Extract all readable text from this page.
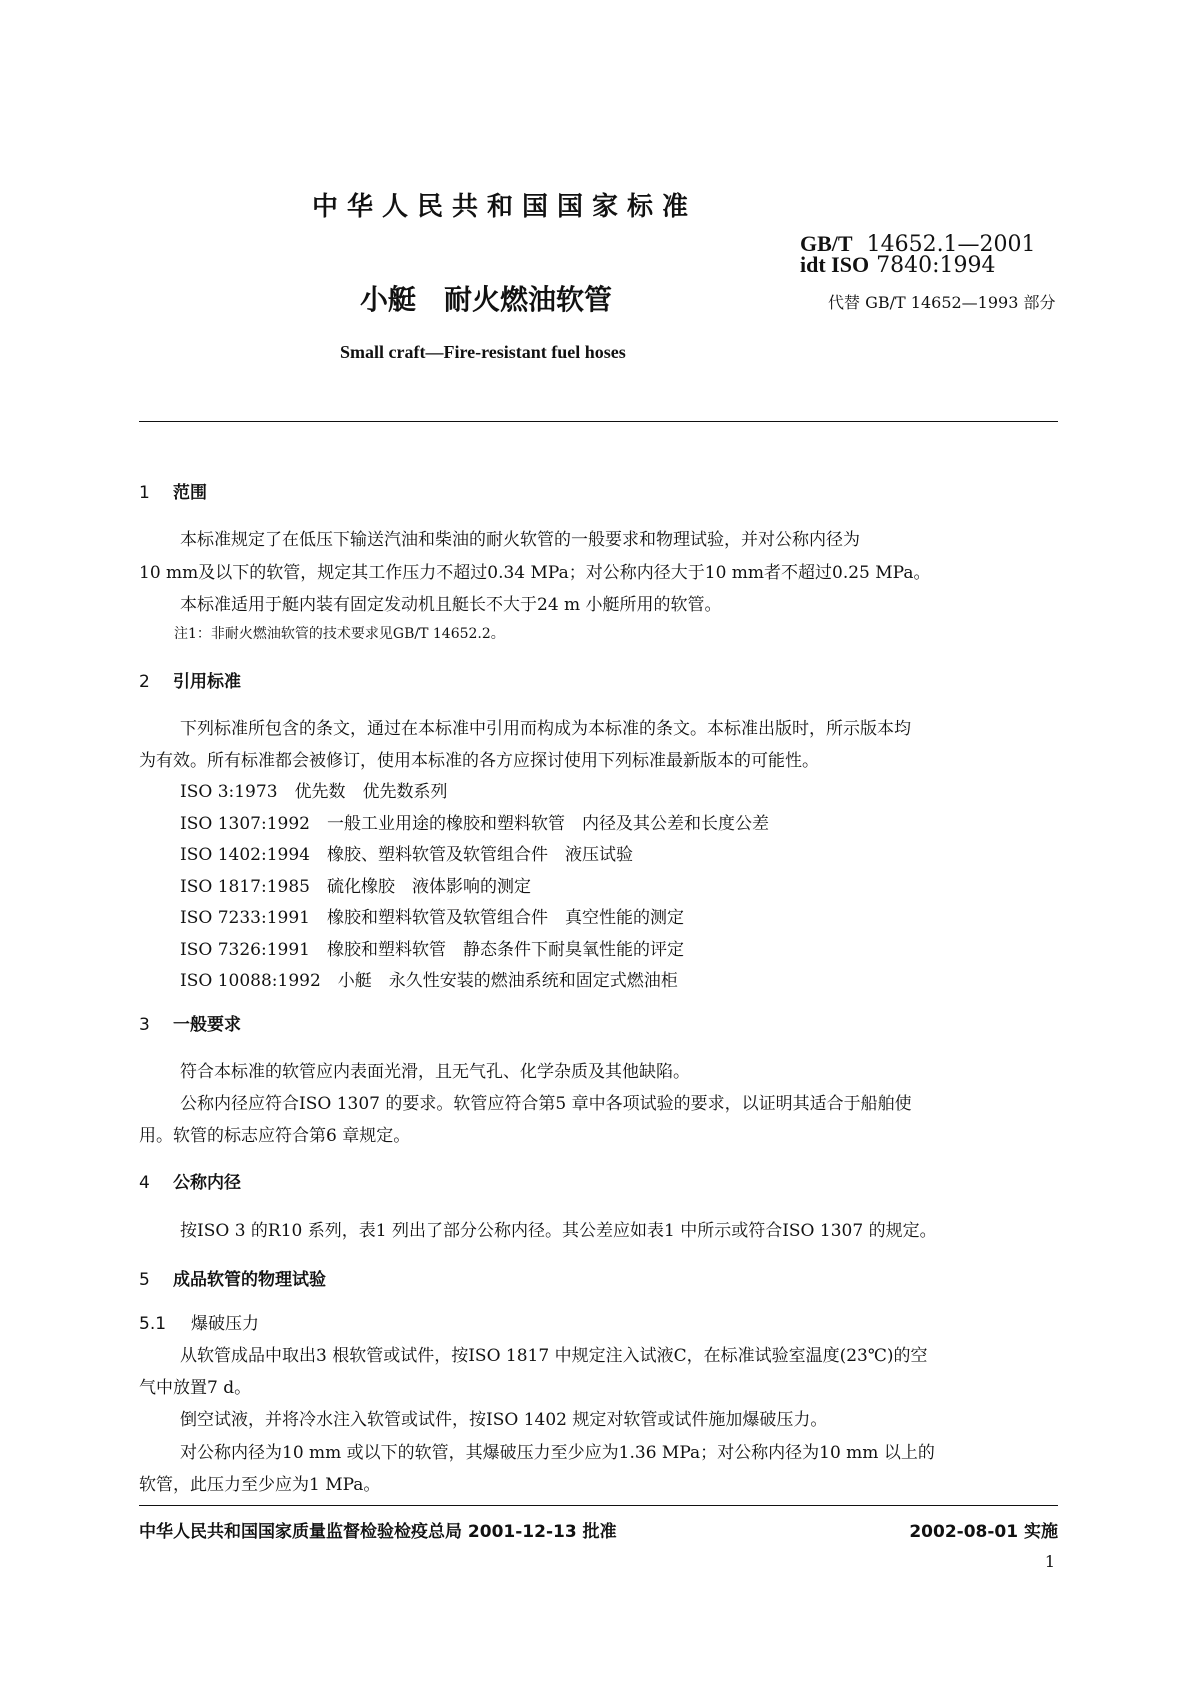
中华人民共和国国家标准
GB/T 14652.1—2001
idt ISO 7840:1994
代替 GB/T 14652—1993 部分
小艇　耐火燃油软管
Small craft—Fire-resistant fuel hoses
1 范围
本标准规定了在低压下输送汽油和柴油的耐火软管的一般要求和物理试验，并对公称内径为
10 mm及以下的软管，规定其工作压力不超过0.34 MPa；对公称内径大于10 mm者不超过0.25 MPa。
本标准适用于艇内装有固定发动机且艇长不大于24 m 小艇所用的软管。
注1：非耐火燃油软管的技术要求见GB/T 14652.2。
2 引用标准
下列标准所包含的条文，通过在本标准中引用而构成为本标准的条文。本标准出版时，所示版本均
为有效。所有标准都会被修订，使用本标准的各方应探讨使用下列标准最新版本的可能性。
ISO 3:1973　优先数　优先数系列
ISO 1307:1992　一般工业用途的橡胶和塑料软管　内径及其公差和长度公差
ISO 1402:1994　橡胶、塑料软管及软管组合件　液压试验
ISO 1817:1985　硫化橡胶　液体影响的测定
ISO 7233:1991　橡胶和塑料软管及软管组合件　真空性能的测定
ISO 7326:1991　橡胶和塑料软管　静态条件下耐臭氧性能的评定
ISO 10088:1992　小艇　永久性安装的燃油系统和固定式燃油柜
3 一般要求
符合本标准的软管应内表面光滑，且无气孔、化学杂质及其他缺陷。
公称内径应符合ISO 1307 的要求。软管应符合第5 章中各项试验的要求，以证明其适合于船舶使
用。软管的标志应符合第6 章规定。
4 公称内径
按ISO 3 的R10 系列，表1 列出了部分公称内径。其公差应如表1 中所示或符合ISO 1307 的规定。
5 成品软管的物理试验
5.1 爆破压力
从软管成品中取出3 根软管或试件，按ISO 1817 中规定注入试液C，在标准试验室温度(23℃)的空
气中放置7 d。
倒空试液，并将冷水注入软管或试件，按ISO 1402 规定对软管或试件施加爆破压力。
对公称内径为10 mm 或以下的软管，其爆破压力至少应为1.36 MPa；对公称内径为10 mm 以上的
软管，此压力至少应为1 MPa。
中华人民共和国国家质量监督检验检疫总局 2001-12-13 批准	2002-08-01 实施
1
